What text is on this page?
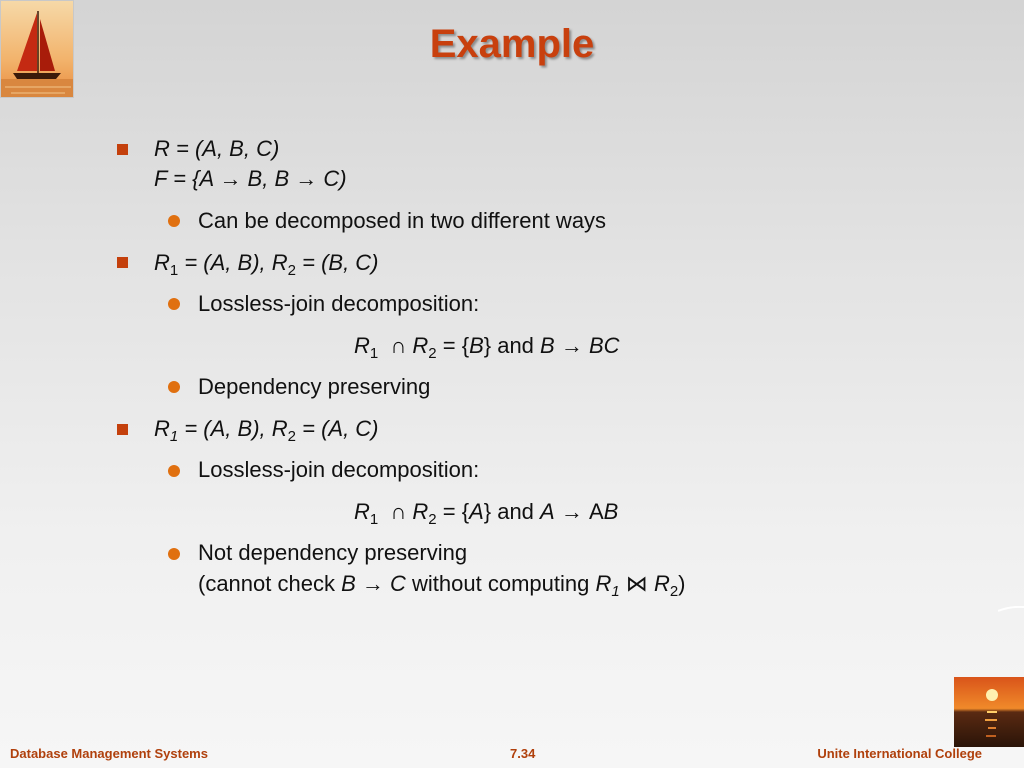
Example
R = (A, B, C)
F = {A → B, B → C)
Can be decomposed in two different ways
$R_1 = (A$, B), $R_2 = (B$, C)
Lossless-join decomposition:
$R_1$ ∩ $R_2 = \{B\}$ and B → BC
Dependency preserving
$R_1 = (A$, B), $R_2 = (A$, C)
Lossless-join decomposition:
$R_1$ ∩ $R_2 = \{A\}$ and A → AB
Not dependency preserving
(cannot check B → C without computing $R_1$ ⋈ $R_2$)
Database Management Systems	7.34	Unite International College
